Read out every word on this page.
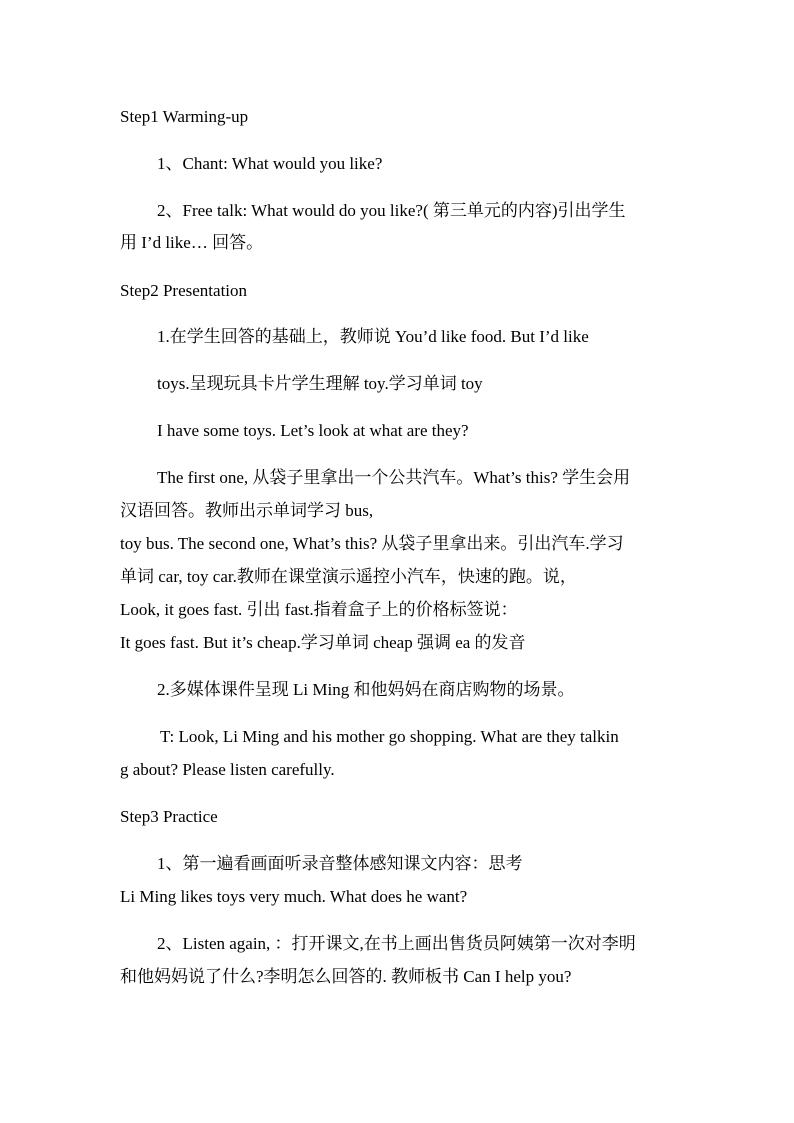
Step1 Warming-up
1、Chant: What would you like?
2、Free talk: What would do you like?( 第三单元的内容)引出学生
用 I’d like… 回答。
Step2 Presentation
1.在学生回答的基础上，教师说 You’d like food. But I’d like
toys.呈现玩具卡片学生理解 toy.学习单词 toy
I have some toys. Let’s look at what are they?
The first one, 从袋子里拿出一个公共汽车。What’s this? 学生会用
汉语回答。教师出示单词学习 bus,
toy bus. The second one, What’s this? 从袋子里拿出来。引出汽车.学习
单词 car, toy car.教师在课堂演示遥控小汽车，快速的跑。说，
Look, it goes fast. 引出 fast.指着盒子上的价格标签说：
It goes fast. But it’s cheap.学习单词 cheap 强调 ea 的发音
2.多媒体课件呈现 Li Ming 和他妈妈在商店购物的场景。
T: Look, Li Ming and his mother go shopping. What are they talkin
g about? Please listen carefully.
Step3 Practice
1、第一遍看画面听录音整体感知课文内容：思考
Li Ming likes toys very much. What does he want?
2、Listen again, ：打开课文,在书上画出售货员阿姨第一次对李明
和他妈妈说了什么?李明怎么回答的. 教师板书 Can I help you?
